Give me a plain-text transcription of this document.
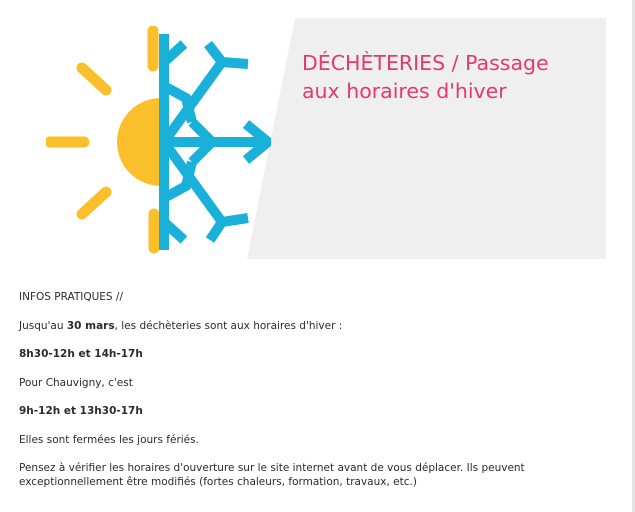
DÉCHÈTERIES / Passage aux horaires d'hiver

INFOS PRATIQUES //

Jusqu'au 30 mars, les déchèteries sont aux horaires d'hiver :

8h30-12h et 14h-17h

Pour Chauvigny, c'est

9h-12h et 13h30-17h

Elles sont fermées les jours fériés.

Pensez à vérifier les horaires d'ouverture sur le site internet avant de vous déplacer. Ils peuvent exceptionnellement être modifiés (fortes chaleurs, formation, travaux, etc.)
